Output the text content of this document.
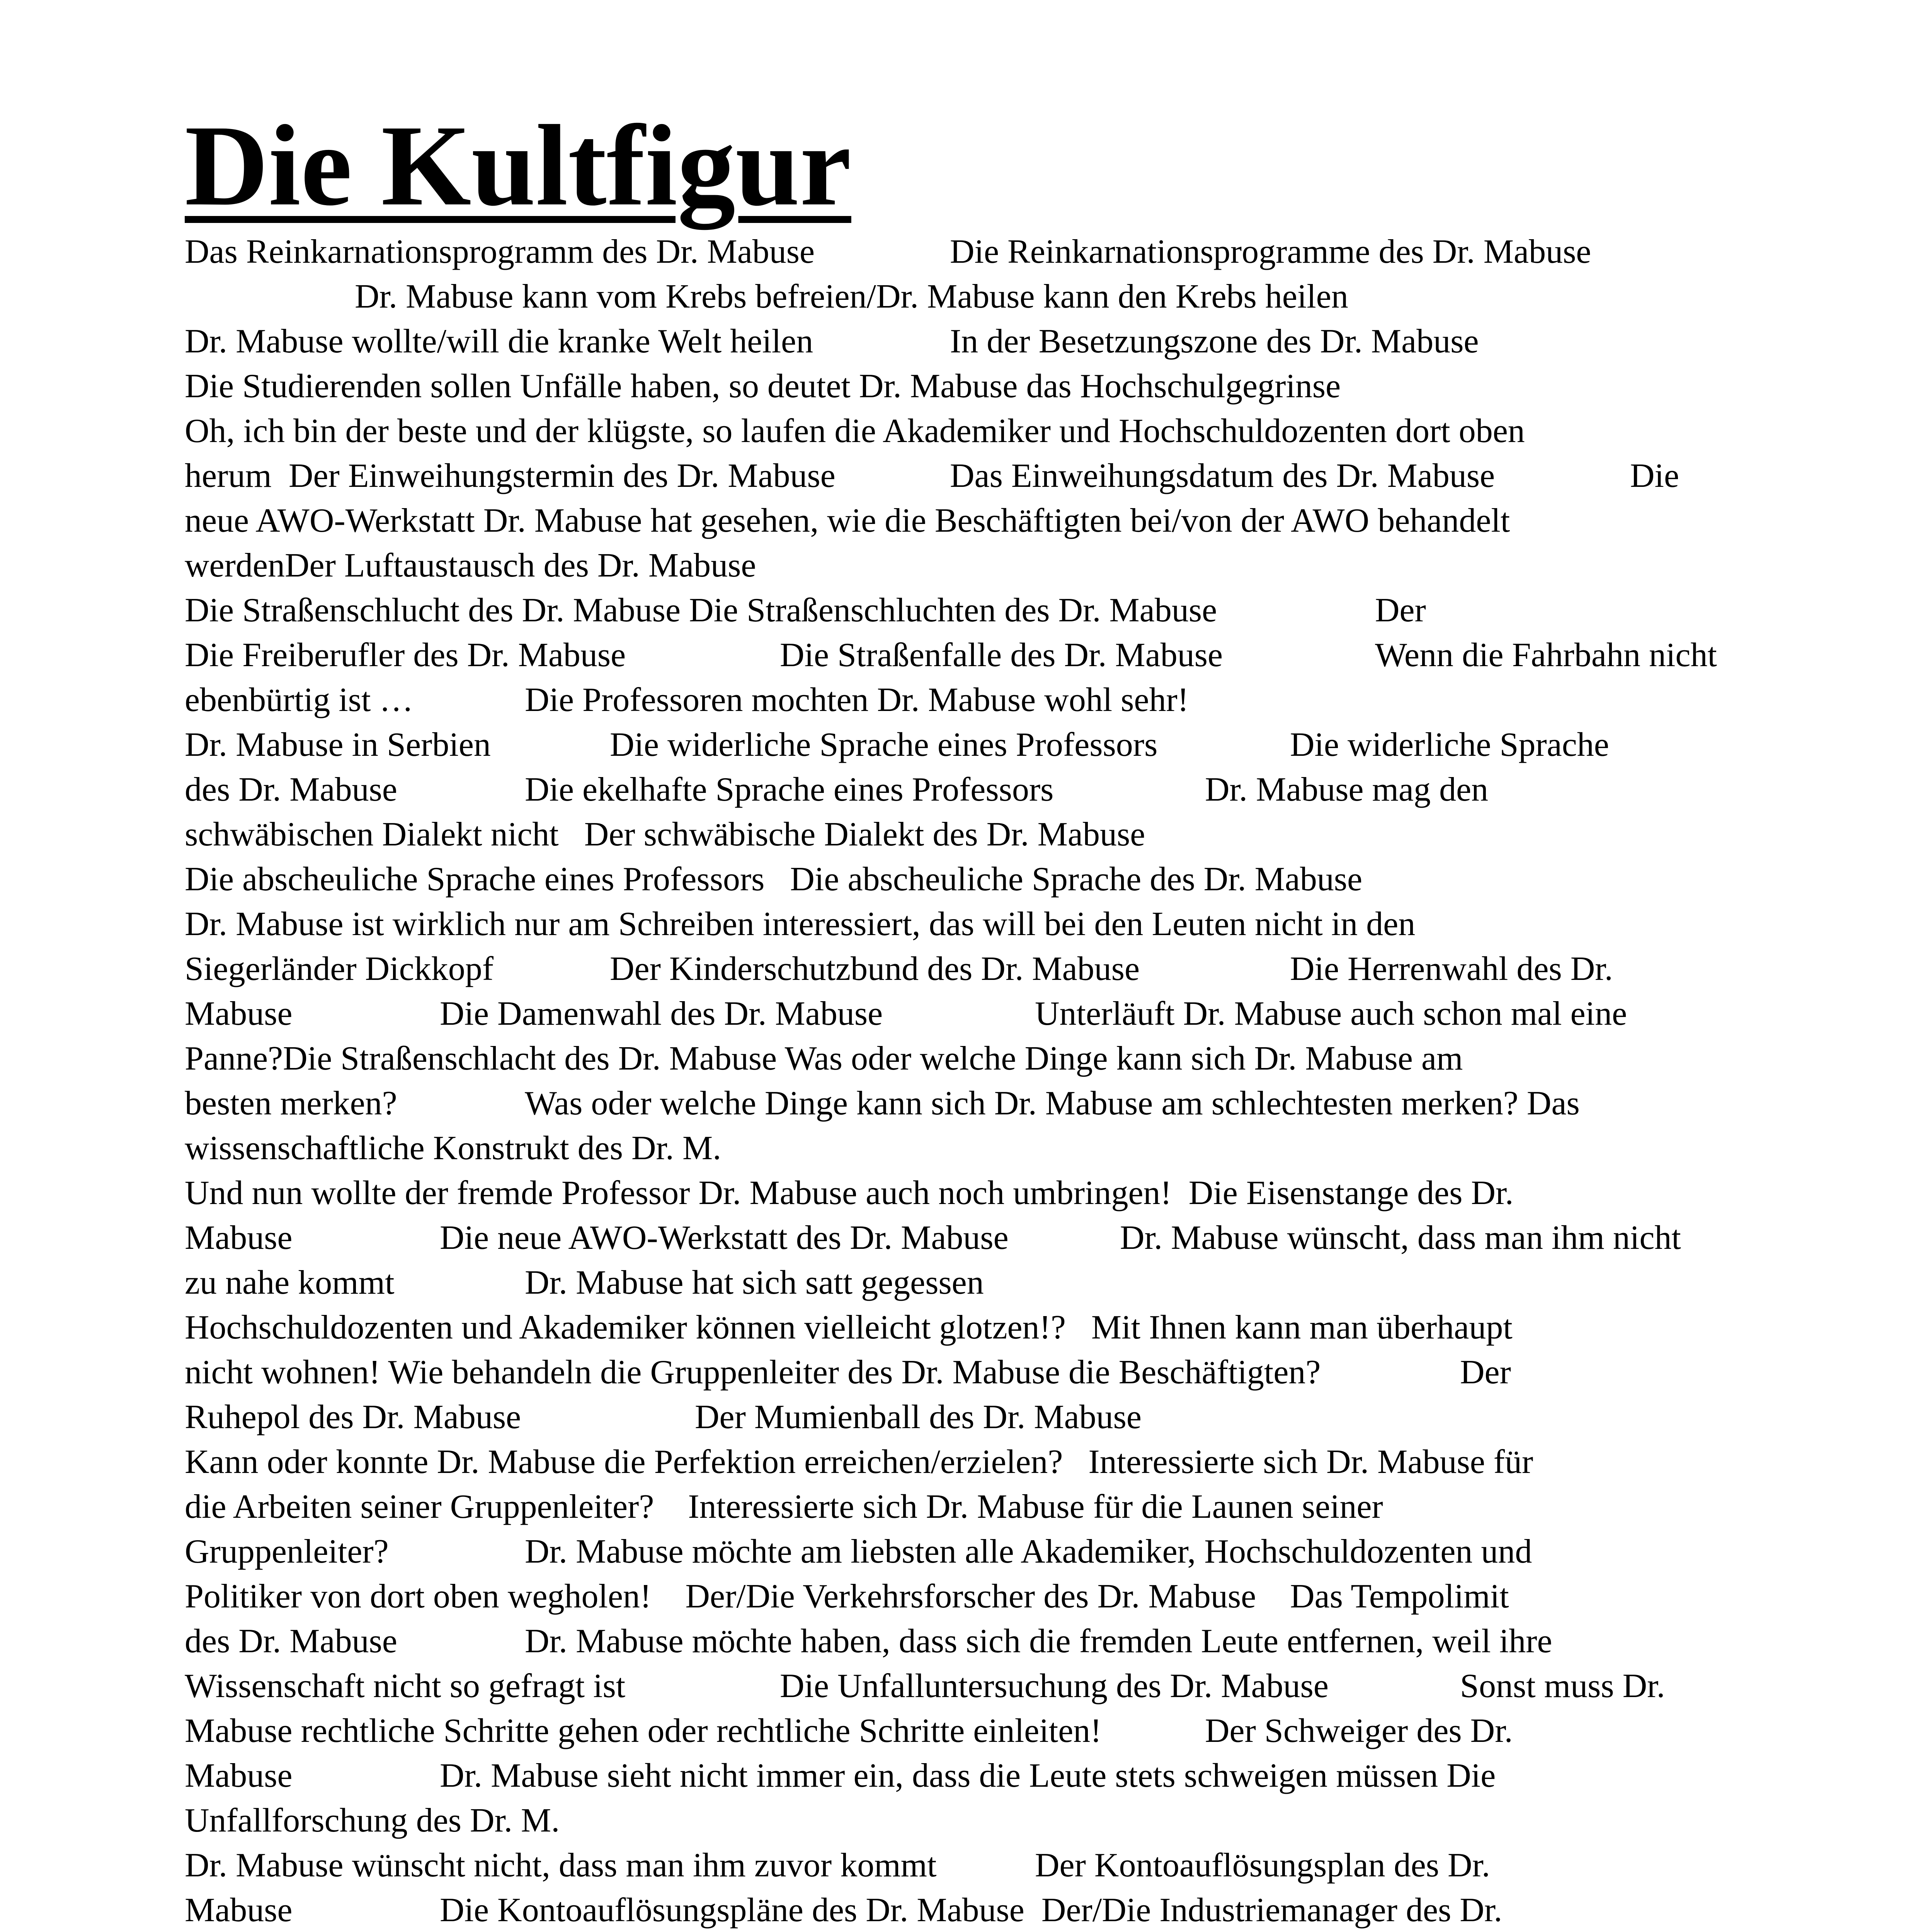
Die Kultfigur
Das Reinkarnationsprogramm des Dr. Mabuse		Die Reinkarnationsprogramme des Dr. Mabuse
		Dr. Mabuse kann vom Krebs befreien/Dr. Mabuse kann den Krebs heilen
Dr. Mabuse wollte/will die kranke Welt heilen		In der Besetzungszone des Dr. Mabuse
Die Studierenden sollen Unfälle haben, so deutet Dr. Mabuse das Hochschulgegrinse
Oh, ich bin der beste und der klügste, so laufen die Akademiker und Hochschuldozenten dort oben
herum  Der Einweihungstermin des Dr. Mabuse		Das Einweihungsdatum des Dr. Mabuse		Die
neue AWO-Werkstatt Dr. Mabuse hat gesehen, wie die Beschäftigten bei/von der AWO behandelt
werdenDer Luftaustausch des Dr. Mabuse
Die Straßenschlucht des Dr. Mabuse Die Straßenschluchten des Dr. Mabuse		Der
Die Freiberufler des Dr. Mabuse		Die Straßenfalle des Dr. Mabuse		Wenn die Fahrbahn nicht
ebenbürtig ist …		Die Professoren mochten Dr. Mabuse wohl sehr!
Dr. Mabuse in Serbien		Die widerliche Sprache eines Professors		Die widerliche Sprache
des Dr. Mabuse		Die ekelhafte Sprache eines Professors		Dr. Mabuse mag den
schwäbischen Dialekt nicht   Der schwäbische Dialekt des Dr. Mabuse
Die abscheuliche Sprache eines Professors   Die abscheuliche Sprache des Dr. Mabuse
Dr. Mabuse ist wirklich nur am Schreiben interessiert, das will bei den Leuten nicht in den
Siegerländer Dickkopf		Der Kinderschutzbund des Dr. Mabuse		Die Herrenwahl des Dr.
Mabuse		Die Damenwahl des Dr. Mabuse		Unterläuft Dr. Mabuse auch schon mal eine
Panne?Die Straßenschlacht des Dr. Mabuse Was oder welche Dinge kann sich Dr. Mabuse am
besten merken?		Was oder welche Dinge kann sich Dr. Mabuse am schlechtesten merken? Das
wissenschaftliche Konstrukt des Dr. M.
Und nun wollte der fremde Professor Dr. Mabuse auch noch umbringen!  Die Eisenstange des Dr.
Mabuse		Die neue AWO-Werkstatt des Dr. Mabuse		Dr. Mabuse wünscht, dass man ihm nicht
zu nahe kommt		Dr. Mabuse hat sich satt gegessen
Hochschuldozenten und Akademiker können vielleicht glotzen!?   Mit Ihnen kann man überhaupt
nicht wohnen! Wie behandeln die Gruppenleiter des Dr. Mabuse die Beschäftigten?		Der
Ruhepol des Dr. Mabuse		Der Mumienball des Dr. Mabuse
Kann oder konnte Dr. Mabuse die Perfektion erreichen/erzielen?   Interessierte sich Dr. Mabuse für
die Arbeiten seiner Gruppenleiter?    Interessierte sich Dr. Mabuse für die Launen seiner
Gruppenleiter?		Dr. Mabuse möchte am liebsten alle Akademiker, Hochschuldozenten und
Politiker von dort oben wegholen!    Der/Die Verkehrsforscher des Dr. Mabuse    Das Tempolimit
des Dr. Mabuse		Dr. Mabuse möchte haben, dass sich die fremden Leute entfernen, weil ihre
Wissenschaft nicht so gefragt ist		Die Unfalluntersuchung des Dr. Mabuse		Sonst muss Dr.
Mabuse rechtliche Schritte gehen oder rechtliche Schritte einleiten!		Der Schweiger des Dr.
Mabuse		Dr. Mabuse sieht nicht immer ein, dass die Leute stets schweigen müssen Die
Unfallforschung des Dr. M.
Dr. Mabuse wünscht nicht, dass man ihm zuvor kommt		Der Kontoauflösungsplan des Dr.
Mabuse		Die Kontoauflösungspläne des Dr. Mabuse  Der/Die Industriemanager des Dr.
